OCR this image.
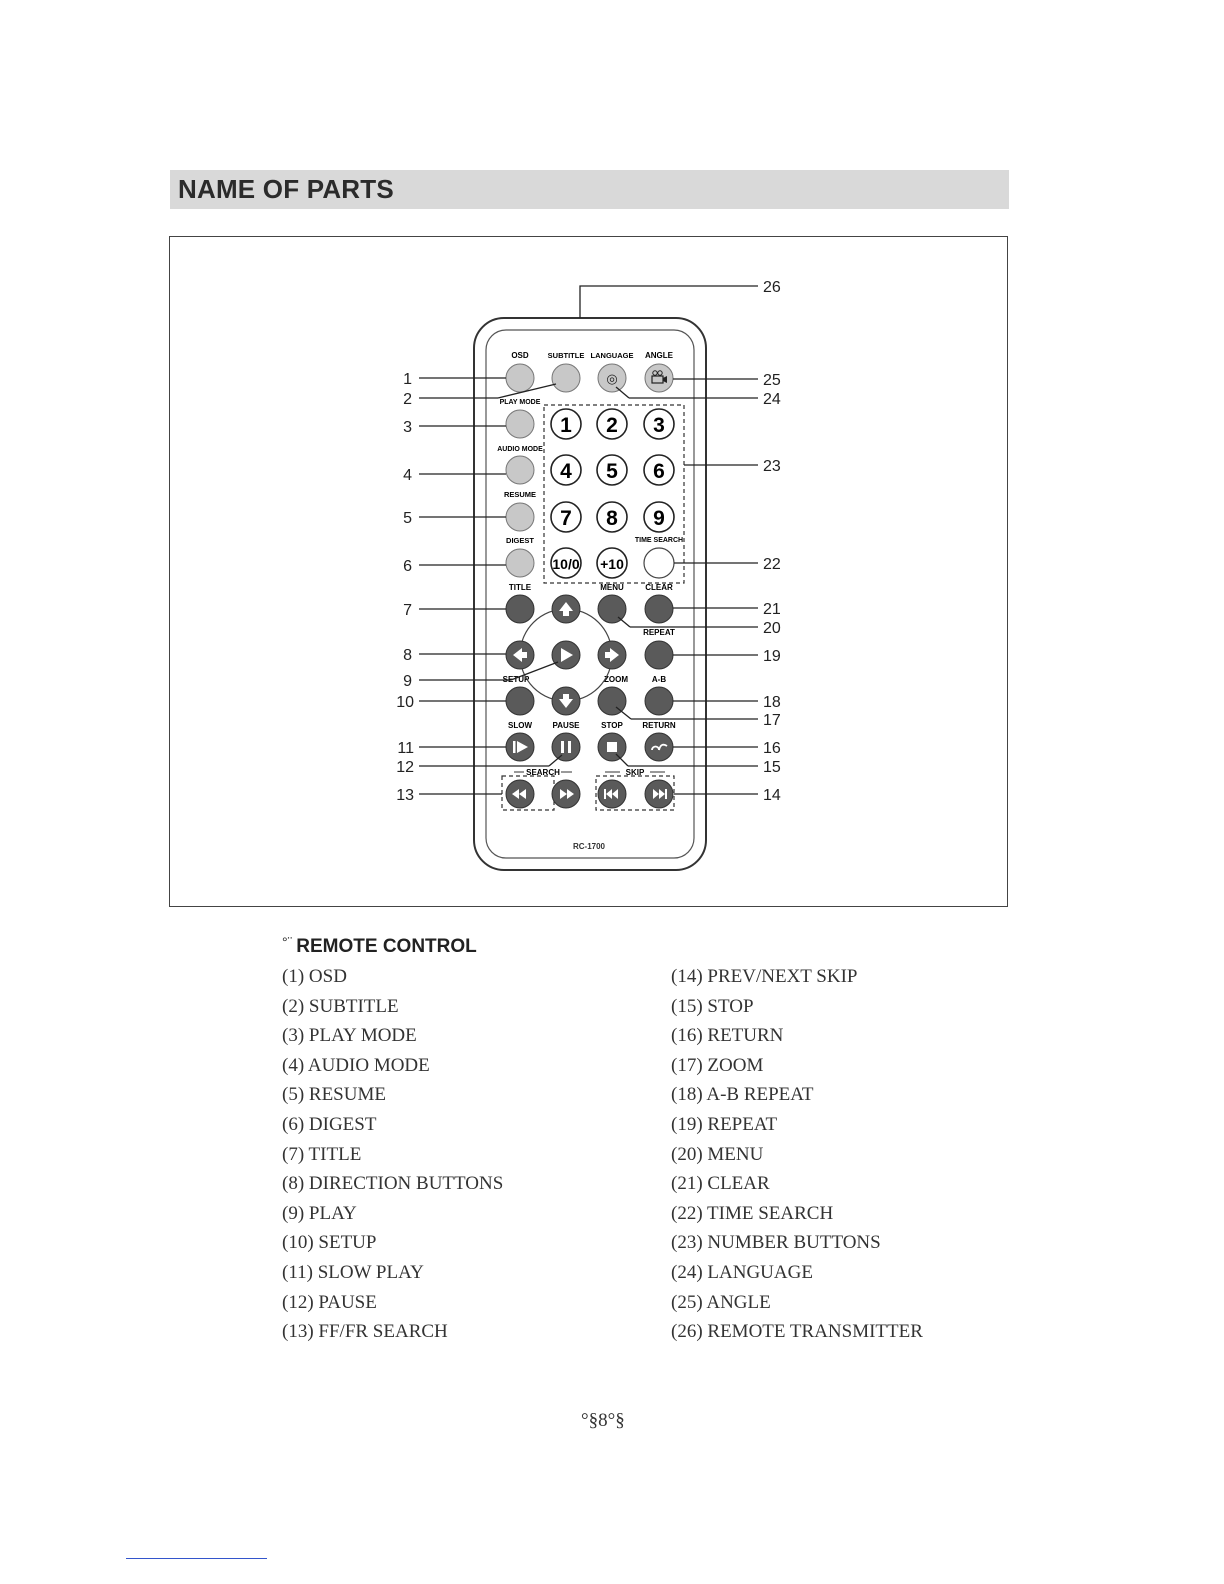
NAME OF PARTS
RC-1700
OSD	SUBTITLE LANGUAGE ANGLE
◎
PLAY MODE
AUDIO MODE
RESUME
DIGEST
1 2 3
4 5 6
7 8 9
10/0 +10
TIME SEARCH
TITLE	MENU	CLEAR
REPEAT
SETUP	ZOOM	A-B
SLOW	PAUSE	STOP RETURN
SEARCH	SKIP
1
2
3
4
5
6
7
8
9
10
11
12
13	14
15
16
17
18
19
20
21
22
23
24
25
26
°¨ REMOTE CONTROL
(1) OSD
(2) SUBTITLE
(3) PLAY MODE
(4) AUDIO MODE
(5) RESUME
(6) DIGEST
(7) TITLE
(8) DIRECTION BUTTONS
(9) PLAY
(10) SETUP
(11) SLOW PLAY
(12) PAUSE
(13) FF/FR SEARCH
(14) PREV/NEXT SKIP
(15) STOP
(16) RETURN
(17) ZOOM
(18) A-B REPEAT
(19) REPEAT
(20) MENU
(21) CLEAR
(22) TIME SEARCH
(23) NUMBER BUTTONS
(24) LANGUAGE
(25) ANGLE
(26) REMOTE TRANSMITTER
°§8°§
